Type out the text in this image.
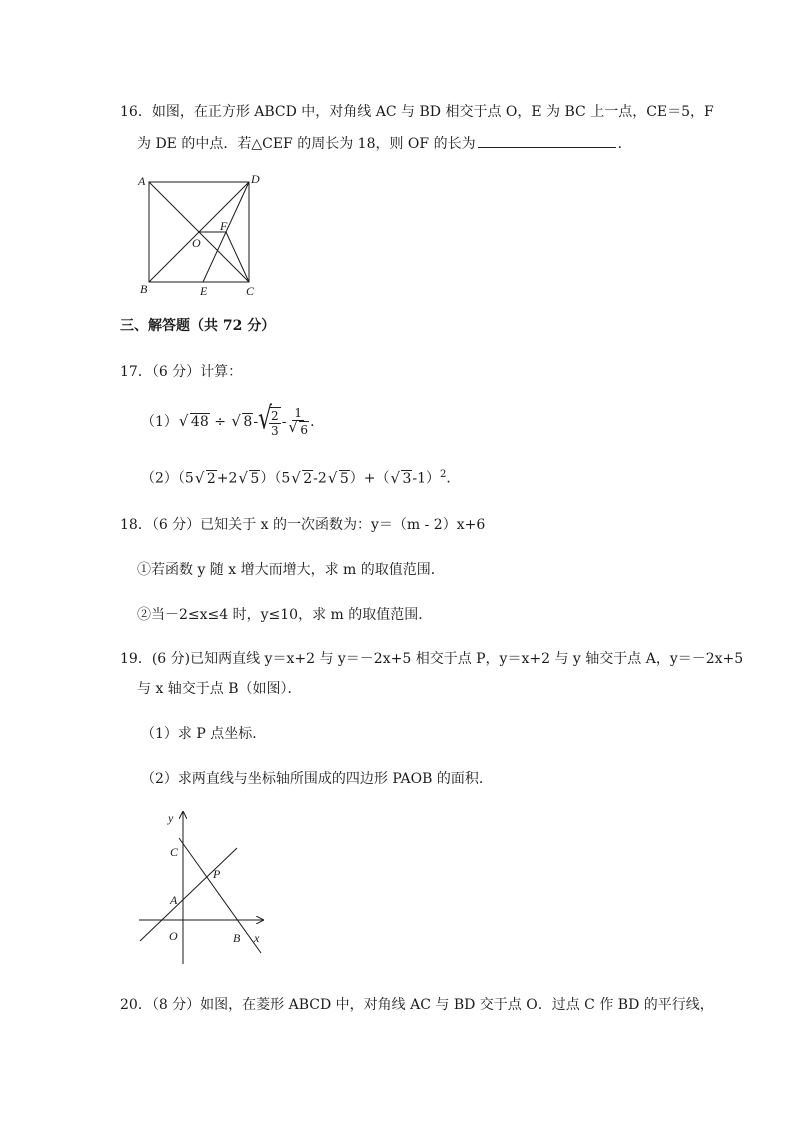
16．如图，在正方形 ABCD 中，对角线 AC 与 BD 相交于点 O，E 为 BC 上一点，CE＝5，F
为 DE 的中点．若△CEF 的周长为 18，则 OF 的长为	．
A	D
F
O
B	E	C
三、解答题（共 72 分）
17．（6 分）计算：
（1） √ 48 ÷ √ 8- √
$\frac{2}{3} - 1$
√ 6 ．
（2）（5 √ 2+2 √ 5）（5 √ 2-2 √ 5）+（ √ 3-1）$^2$．
18．（6 分）已知关于 x 的一次函数为：y＝（m - 2）x+6
①若函数 y 随 x 增大而增大，求 m 的取值范围．
②当－2≤x≤4 时，y≤10，求 m 的取值范围．
19．(6 分)已知两直线 y＝x+2 与 y＝－2x+5 相交于点 P，y＝x+2 与 y 轴交于点 A，y＝－2x+5
与 x 轴交于点 B（如图）．
（1）求 P 点坐标．
（2）求两直线与坐标轴所围成的四边形 PAOB 的面积．
y
C
P
A
O	B x
20．（8 分）如图，在菱形 ABCD 中，对角线 AC 与 BD 交于点 O．过点 C 作 BD 的平行线，
